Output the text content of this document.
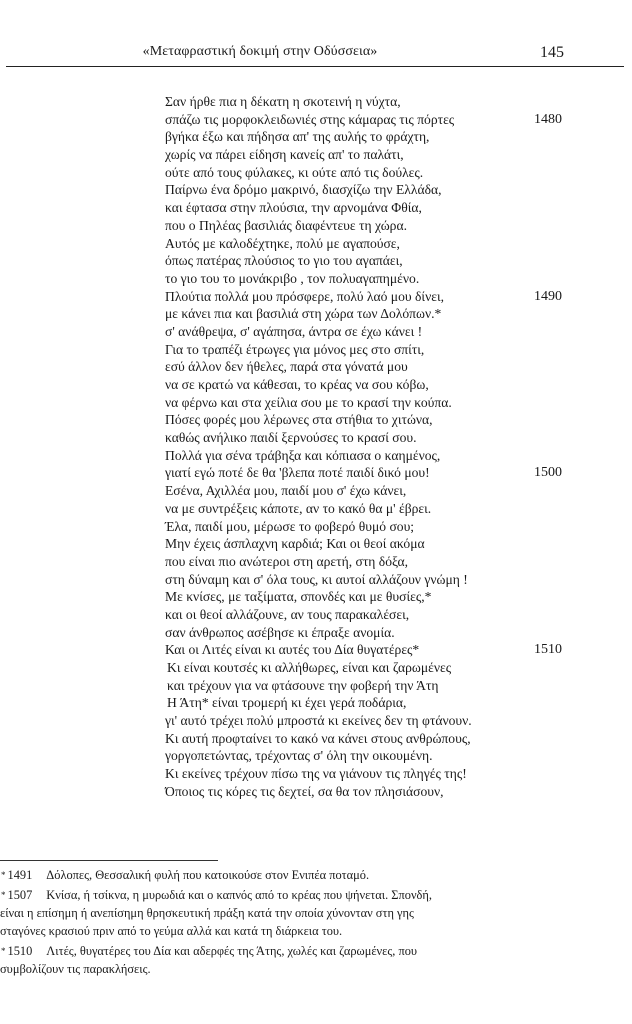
«Μεταφραστική δοκιμή στην Οδύσσεια»	145
Σαν ήρθε πια η δέκατη η σκοτεινή η νύχτα,
σπάζω τις μορφοκλειδωνιές στης κάμαρας τις πόρτες	1480
βγήκα έξω και πήδησα απ' της αυλής το φράχτη,
χωρίς να πάρει είδηση κανείς απ' το παλάτι,
ούτε από τους φύλακες, κι ούτε από τις δούλες.
Παίρνω ένα δρόμο μακρινό, διασχίζω την Ελλάδα,
και έφτασα στην πλούσια, την αρνομάνα Φθία,
που ο Πηλέας βασιλιάς διαφέντευε τη χώρα.
Αυτός με καλοδέχτηκε, πολύ με αγαπούσε,
όπως πατέρας πλούσιος το γιο του αγαπάει,
το γιο του το μονάκριβο , τον πολυαγαπημένο.
Πλούτια πολλά μου πρόσφερε, πολύ λαό μου δίνει,	1490
με κάνει πια και βασιλιά στη χώρα των Δολόπων.*
σ' ανάθρεψα, σ' αγάπησα, άντρα σε έχω κάνει !
Για το τραπέζι έτρωγες για μόνος μες στο σπίτι,
εσύ άλλον δεν ήθελες, παρά στα γόνατά μου
να σε κρατώ να κάθεσαι, το κρέας να σου κόβω,
να φέρνω και στα χείλια σου με το κρασί την κούπα.
Πόσες φορές μου λέρωνες στα στήθια το χιτώνα,
καθώς ανήλικο παιδί ξερνούσες το κρασί σου.
Πολλά για σένα τράβηξα και κόπιασα ο καημένος,
γιατί εγώ ποτέ δε θα 'βλεπα ποτέ παιδί δικό μου!	1500
Εσένα, Αχιλλέα μου, παιδί μου σ' έχω κάνει,
να με συντρέξεις κάποτε, αν το κακό θα μ' έβρει.
Έλα, παιδί μου, μέρωσε το φοβερό θυμό σου;
Μην έχεις άσπλαχνη καρδιά; Και οι θεοί ακόμα
που είναι πιο ανώτεροι στη αρετή, στη δόξα,
στη δύναμη και σ' όλα τους, κι αυτοί αλλάζουν γνώμη !
Με κνίσες, με ταξίματα, σπονδές και με θυσίες,*
και οι θεοί αλλάζουνε, αν τους παρακαλέσει,
σαν άνθρωπος ασέβησε κι έπραξε ανομία.
Και οι Λιτές είναι κι αυτές του Δία θυγατέρες*	1510
Κι είναι κουτσές κι αλλήθωρες, είναι και ζαρωμένες
και τρέχουν για να φτάσουνε την φοβερή την Άτη
Η Άτη* είναι τρομερή κι έχει γερά ποδάρια,
γι' αυτό τρέχει πολύ μπροστά κι εκείνες δεν τη φτάνουν.
Κι αυτή προφταίνει το κακό να κάνει στους ανθρώπους,
γοργοπετώντας, τρέχοντας σ' όλη την οικουμένη.
Κι εκείνες τρέχουν πίσω της να γιάνουν τις πληγές της!
Όποιος τις κόρες τις δεχτεί, σα θα τον πλησιάσουν,
* 1491 Δόλοπες, Θεσσαλική φυλή που κατοικούσε στον Ενιπέα ποταμό.
* 1507 Κνίσα, ή τσίκνα, η μυρωδιά και ο καπνός από το κρέας που ψήνεται. Σπονδή,
είναι η επίσημη ή ανεπίσημη θρησκευτική πράξη κατά την οποία χύνονταν στη γης
σταγόνες κρασιού πριν από το γεύμα αλλά και κατά τη διάρκεια του.
* 1510 Λιτές, θυγατέρες του Δία και αδερφές της Άτης, χωλές και ζαρωμένες, που
συμβολίζουν τις παρακλήσεις.
